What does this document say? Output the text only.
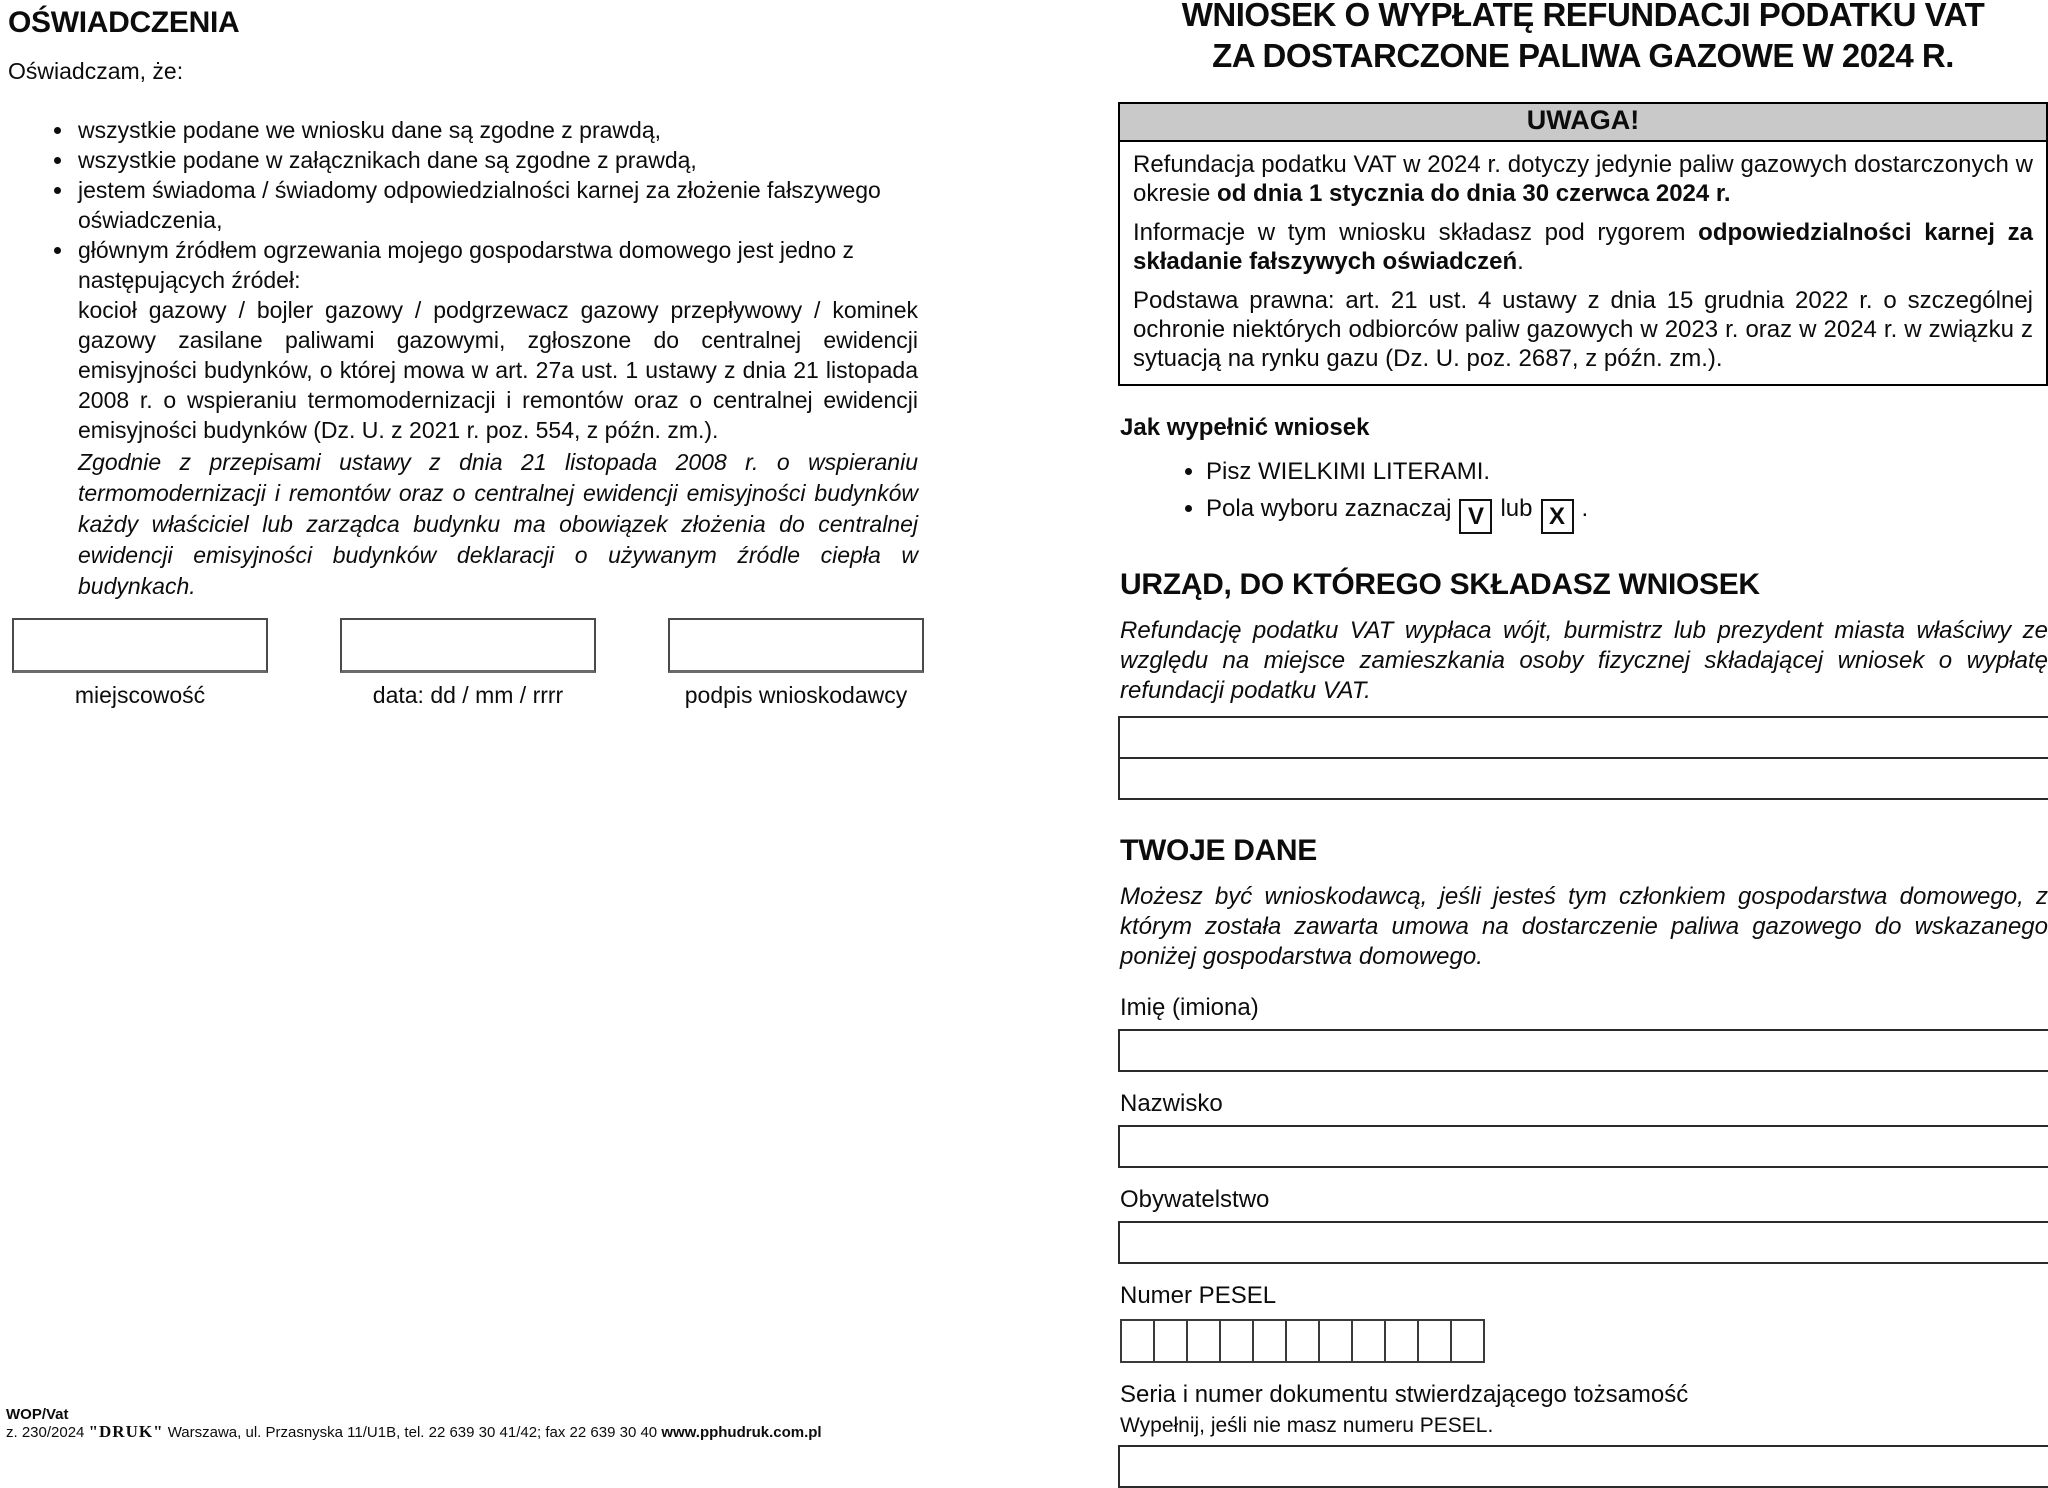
OŚWIADCZENIA
Oświadczam, że:
• wszystkie podane we wniosku dane są zgodne z prawdą,
• wszystkie podane w załącznikach dane są zgodne z prawdą,
• jestem świadoma / świadomy odpowiedzialności karnej za złożenie fałszywego oświadczenia,
• głównym źródłem ogrzewania mojego gospodarstwa domowego jest jedno z następujących źródeł:
kocioł gazowy / bojler gazowy / podgrzewacz gazowy przepływowy / kominek gazowy zasilane paliwami gazowymi, zgłoszone do centralnej ewidencji emisyjności budynków, o której mowa w art. 27a ust. 1 ustawy z dnia 21 listopada 2008 r. o wspieraniu termomodernizacji i remontów oraz o centralnej ewidencji emisyjności budynków (Dz. U. z 2021 r. poz. 554, z późn. zm.).
Zgodnie z przepisami ustawy z dnia 21 listopada 2008 r. o wspieraniu termomodernizacji i remontów oraz o centralnej ewidencji emisyjności budynków każdy właściciel lub zarządca budynku ma obowiązek złożenia do centralnej ewidencji emisyjności budynków deklaracji o używanym źródle ciepła w budynkach.
miejscowość	data: dd / mm / rrrr	podpis wnioskodawcy
WNIOSEK O WYPŁATĘ REFUNDACJI PODATKU VAT
ZA DOSTARCZONE PALIWA GAZOWE W 2024 R.
UWAGA!

Refundacja podatku VAT w 2024 r. dotyczy jedynie paliw gazowych dostarczonych w okresie od dnia 1 stycznia do dnia 30 czerwca 2024 r.

Informacje w tym wniosku składasz pod rygorem odpowiedzialności karnej za składanie fałszywych oświadczeń.

Podstawa prawna: art. 21 ust. 4 ustawy z dnia 15 grudnia 2022 r. o szczególnej ochronie niektórych odbiorców paliw gazowych w 2023 r. oraz w 2024 r. w związku z sytuacją na rynku gazu (Dz. U. poz. 2687, z późn. zm.).

Jak wypełnić wniosek
• Pisz WIELKIMI LITERAMI.
• Pola wyboru zaznaczaj V lub X .
URZĄD, DO KTÓREGO SKŁADASZ WNIOSEK
Refundację podatku VAT wypłaca wójt, burmistrz lub prezydent miasta właściwy ze względu na miejsce zamieszkania osoby fizycznej składającej wniosek o wypłatę refundacji podatku VAT.
TWOJE DANE
Możesz być wnioskodawcą, jeśli jesteś tym członkiem gospodarstwa domowego, z którym została zawarta umowa na dostarczenie paliwa gazowego do wskazanego poniżej gospodarstwa domowego.
Imię (imiona)
Nazwisko
Obywatelstwo
Numer PESEL
Seria i numer dokumentu stwierdzającego tożsamość
Wypełnij, jeśli nie masz numeru PESEL.
WOP/Vat
z. 230/2024 "DRUK" Warszawa, ul. Przasnyska 11/U1B, tel. 22 639 30 41/42; fax 22 639 30 40 www.pphudruk.com.pl
